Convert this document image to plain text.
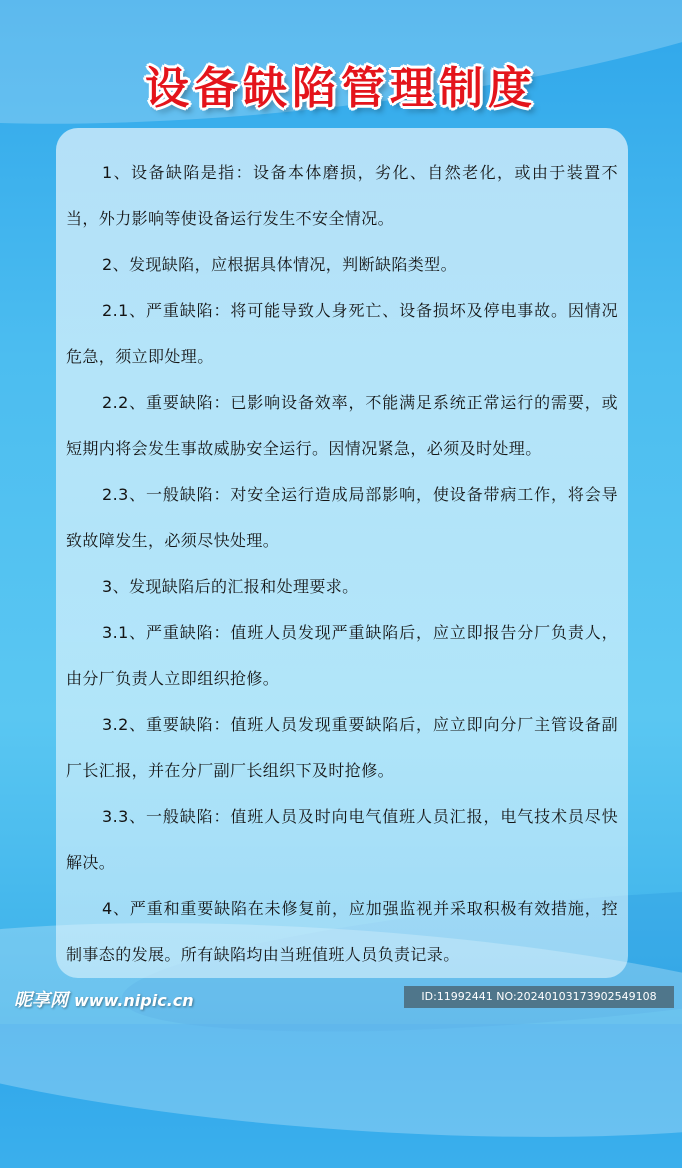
设备缺陷管理制度

1、设备缺陷是指：设备本体磨损，劣化、自然老化，或由于装置不当，外力影响等使设备运行发生不安全情况。

2、发现缺陷，应根据具体情况，判断缺陷类型。

2.1、严重缺陷：将可能导致人身死亡、设备损坏及停电事故。因情况危急，须立即处理。

2.2、重要缺陷：已影响设备效率，不能满足系统正常运行的需要，或短期内将会发生事故威胁安全运行。因情况紧急，必须及时处理。

2.3、一般缺陷：对安全运行造成局部影响，使设备带病工作，将会导致故障发生，必须尽快处理。

3、发现缺陷后的汇报和处理要求。

3.1、严重缺陷：值班人员发现严重缺陷后，应立即报告分厂负责人，由分厂负责人立即组织抢修。

3.2、重要缺陷：值班人员发现重要缺陷后，应立即向分厂主管设备副厂长汇报，并在分厂副厂长组织下及时抢修。

3.3、一般缺陷：值班人员及时向电气值班人员汇报，电气技术员尽快解决。

4、严重和重要缺陷在未修复前，应加强监视并采取积极有效措施，控制事态的发展。所有缺陷均由当班值班人员负责记录。

昵享网 www.nipic.cn	ID:11992441 NO:20240103173902549108
